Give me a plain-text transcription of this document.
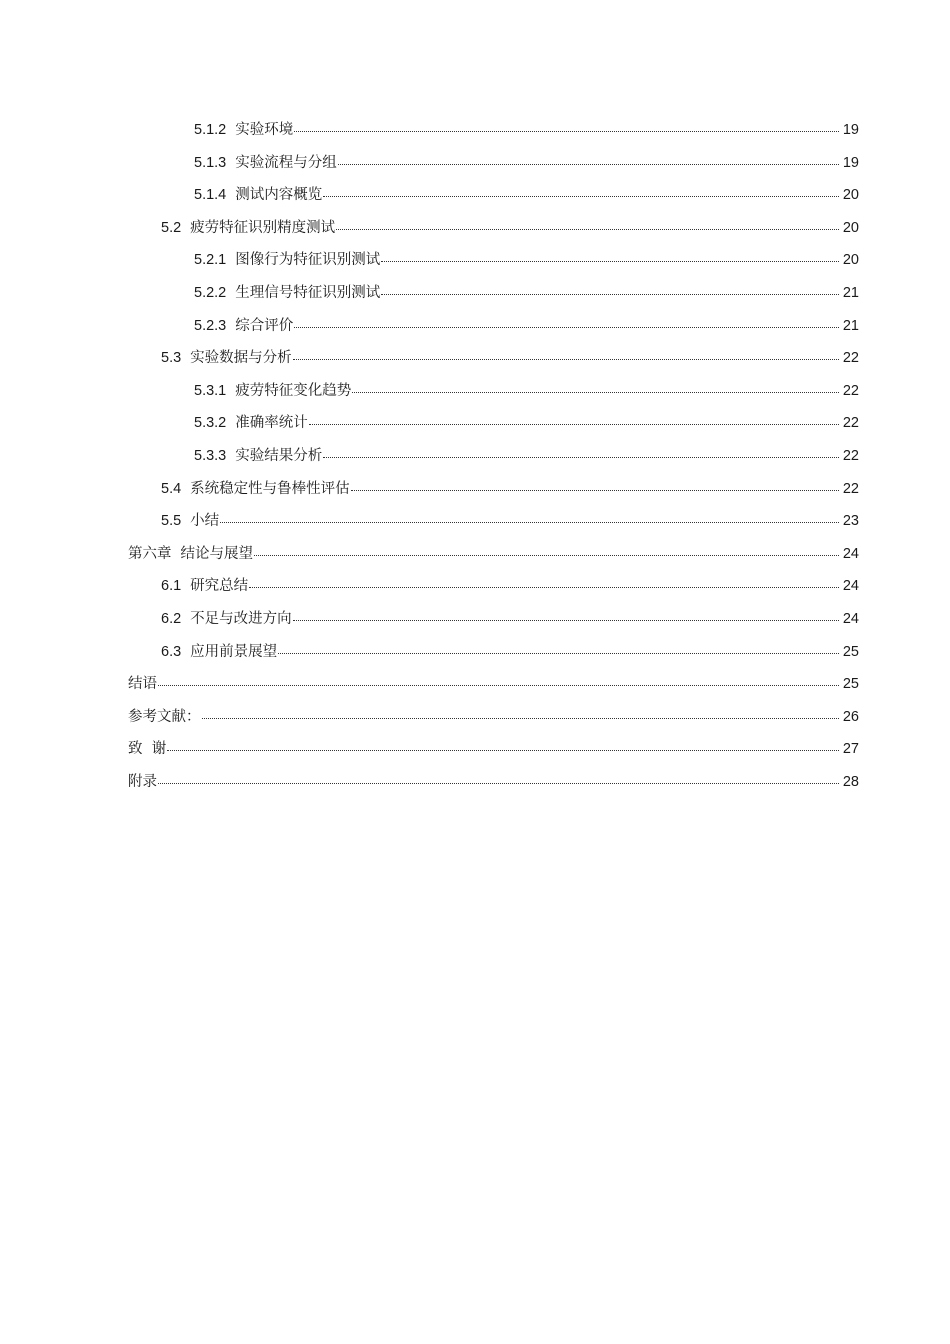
5.1.2 实验环境	19
5.1.3 实验流程与分组	19
5.1.4 测试内容概览	20
5.2 疲劳特征识别精度测试	20
5.2.1 图像行为特征识别测试	20
5.2.2 生理信号特征识别测试	21
5.2.3 综合评价	21
5.3 实验数据与分析	22
5.3.1 疲劳特征变化趋势	22
5.3.2 准确率统计	22
5.3.3 实验结果分析	22
5.4 系统稳定性与鲁棒性评估	22
5.5 小结	23
第六章 结论与展望	24
6.1 研究总结	24
6.2 不足与改进方向	24
6.3 应用前景展望	25
结语	25
参考文献：	26
致  谢	27
附录	28
